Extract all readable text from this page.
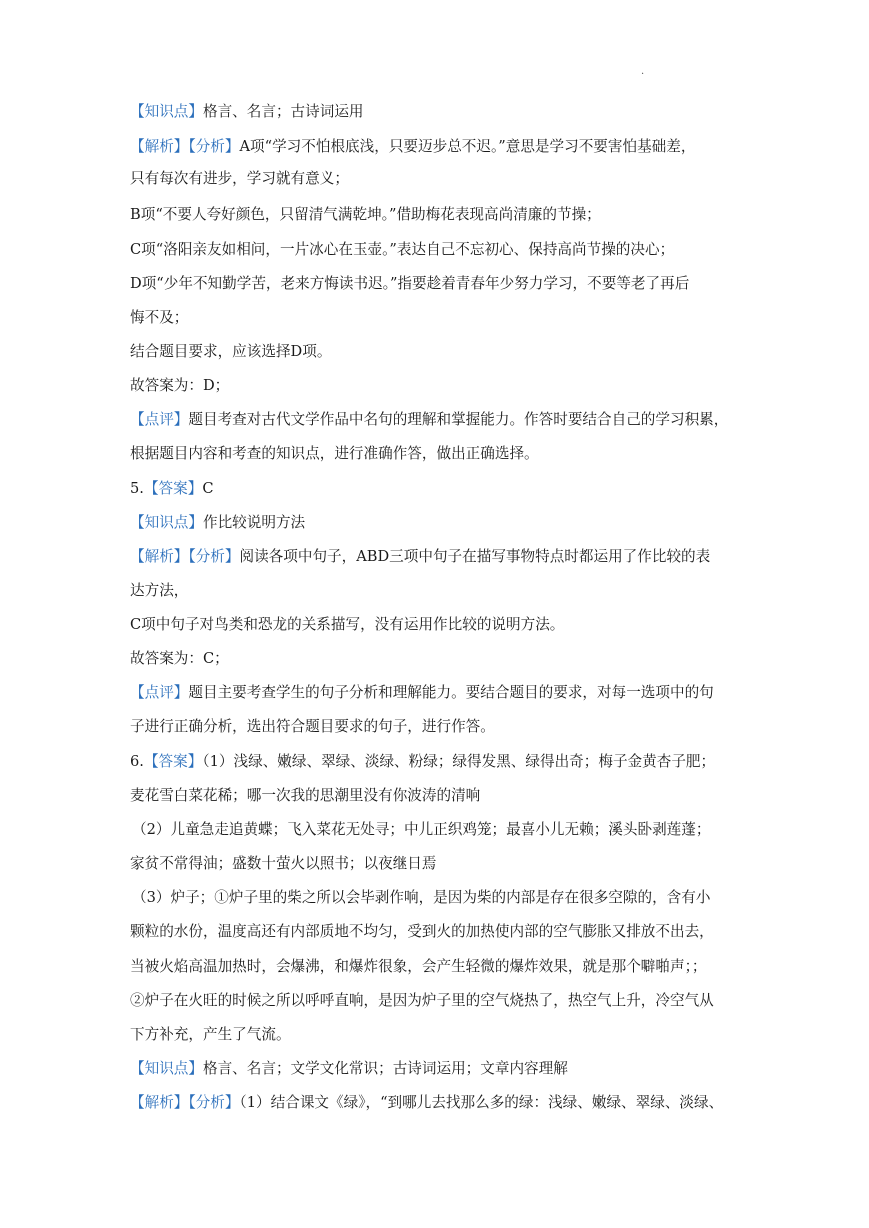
.
【知识点】格言、名言；古诗词运用
【解析】【分析】A项“学习不怕根底浅，只要迈步总不迟。”意思是学习不要害怕基础差，
只有每次有进步，学习就有意义；
B项“不要人夸好颜色，只留清气满乾坤。”借助梅花表现高尚清廉的节操；
C项“洛阳亲友如相问，一片冰心在玉壶。”表达自己不忘初心、保持高尚节操的决心；
D项“少年不知勤学苦，老来方悔读书迟。”指要趁着青春年少努力学习，不要等老了再后
悔不及；
结合题目要求，应该选择D项。
故答案为：D；
【点评】题目考查对古代文学作品中名句的理解和掌握能力。作答时要结合自己的学习积累，
根据题目内容和考查的知识点，进行准确作答，做出正确选择。
5.【答案】C
【知识点】作比较说明方法
【解析】【分析】阅读各项中句子，ABD三项中句子在描写事物特点时都运用了作比较的表
达方法，
C项中句子对鸟类和恐龙的关系描写，没有运用作比较的说明方法。
故答案为：C；
【点评】题目主要考查学生的句子分析和理解能力。要结合题目的要求，对每一选项中的句
子进行正确分析，选出符合题目要求的句子，进行作答。
6.【答案】（1）浅绿、嫩绿、翠绿、淡绿、粉绿；绿得发黑、绿得出奇；梅子金黄杏子肥；
麦花雪白菜花稀；哪一次我的思潮里没有你波涛的清响
（2）儿童急走追黄蝶；飞入菜花无处寻；中儿正织鸡笼；最喜小儿无赖；溪头卧剥莲蓬；
家贫不常得油；盛数十萤火以照书；以夜继日焉
（3）炉子；①炉子里的柴之所以会毕剥作响，是因为柴的内部是存在很多空隙的，含有小
颗粒的水份，温度高还有内部质地不均匀，受到火的加热使内部的空气膨胀又排放不出去，
当被火焰高温加热时，会爆沸，和爆炸很象，会产生轻微的爆炸效果，就是那个噼啪声；；
②炉子在火旺的时候之所以呼呼直响，是因为炉子里的空气烧热了，热空气上升，冷空气从
下方补充，产生了气流。
【知识点】格言、名言；文学文化常识；古诗词运用；文章内容理解
【解析】【分析】（1）结合课文《绿》，“到哪儿去找那么多的绿：浅绿、嫩绿、翠绿、淡绿、
